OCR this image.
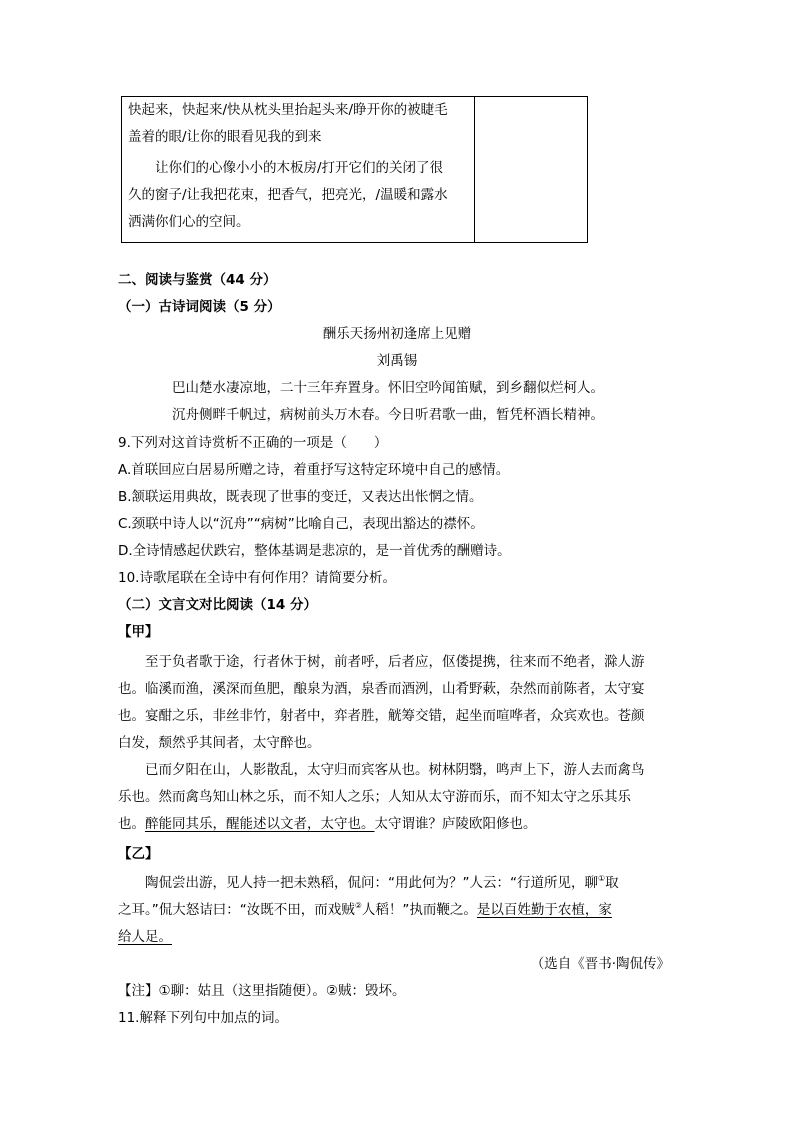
快起来，快起来/快从枕头里抬起头来/睁开你的被睫毛
盖着的眼/让你的眼看见我的到来
　　让你们的心像小小的木板房/打开它们的关闭了很
久的窗子/让我把花束，把香气，把亮光，/温暖和露水
洒满你们心的空间。
二、阅读与鉴赏（44 分）
（一）古诗词阅读（5 分）
酬乐天扬州初逢席上见赠
刘禹锡
巴山楚水凄凉地，二十三年弃置身。怀旧空吟闻笛赋，到乡翻似烂柯人。
沉舟侧畔千帆过，病树前头万木春。今日听君歌一曲，暂凭杯酒长精神。
9.下列对这首诗赏析不正确的一项是（　　）
A.首联回应白居易所赠之诗，着重抒写这特定环境中自己的感情。
B.颔联运用典故，既表现了世事的变迁，又表达出怅惘之情。
C.颈联中诗人以“沉舟”“病树”比喻自己，表现出豁达的襟怀。
D.全诗情感起伏跌宕，整体基调是悲凉的，是一首优秀的酬赠诗。
10.诗歌尾联在全诗中有何作用？请简要分析。
（二）文言文对比阅读（14 分）
【甲】
　　至于负者歌于途，行者休于树，前者呼，后者应，伛偻提携，往来而不绝者，滁人游
也。临溪而渔，溪深而鱼肥，酿泉为酒，泉香而酒洌，山肴野蔌，杂然而前陈者，太守宴
也。宴酣之乐，非丝非竹，射者中，弈者胜，觥筹交错，起坐而喧哗者，众宾欢也。苍颜
白发，颓然乎其间者，太守醉也。
　　已而夕阳在山，人影散乱，太守归而宾客从也。树林阴翳，鸣声上下，游人去而禽鸟
乐也。然而禽鸟知山林之乐，而不知人之乐；人知从太守游而乐，而不知太守之乐其乐
也。醉能同其乐，醒能述以文者，太守也。太守谓谁？庐陵欧阳修也。
【乙】
　　陶侃尝出游，见人持一把未熟稻，侃问：“用此何为？”人云：“行道所见，聊①取
之耳。”侃大怒诘曰：“汝既不田，而戏贼②人稻！”执而鞭之。是以百姓勤于农植，家
给人足。
（选自《晋书·陶侃传》
【注】①聊：姑且（这里指随便）。②贼：毁坏。
11.解释下列句中加点的词。
